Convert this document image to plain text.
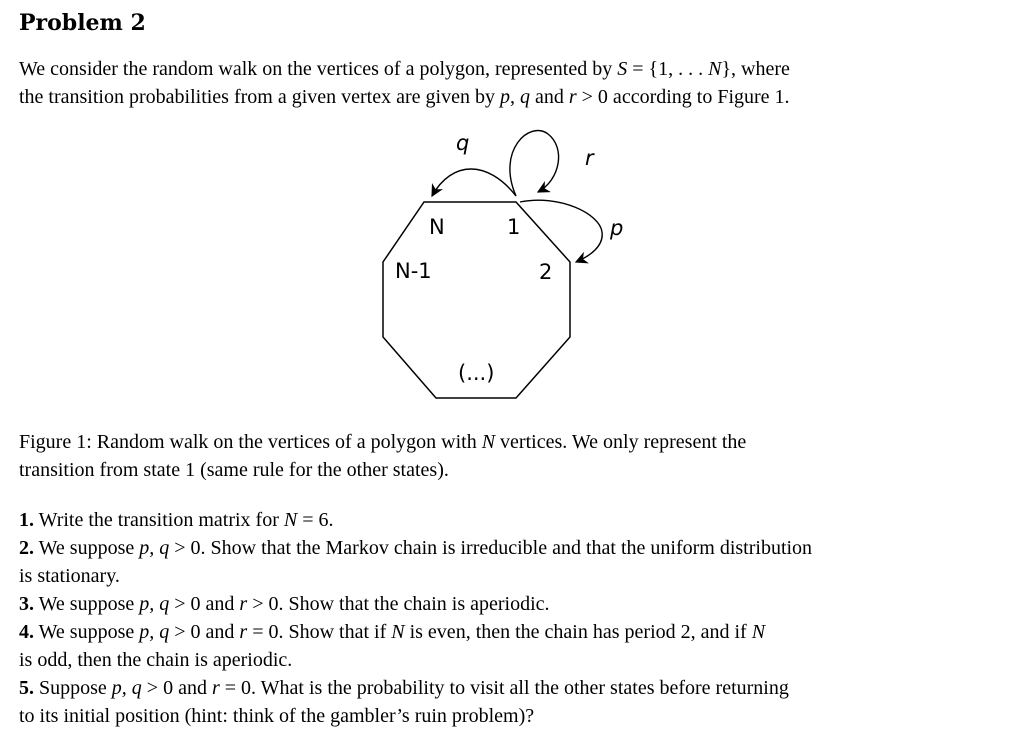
Problem 2
We consider the random walk on the vertices of a polygon, represented by S = {1, . . . N}, where
the transition probabilities from a given vertex are given by p, q and r > 0 according to Figure 1.
q
r
p
N	1
N-1	2
(...)
Figure 1: Random walk on the vertices of a polygon with N vertices. We only represent the
transition from state 1 (same rule for the other states).
1. Write the transition matrix for N = 6.
2. We suppose p, q > 0. Show that the Markov chain is irreducible and that the uniform distribution
is stationary.
3. We suppose p, q > 0 and r > 0. Show that the chain is aperiodic.
4. We suppose p, q > 0 and r = 0. Show that if N is even, then the chain has period 2, and if N
is odd, then the chain is aperiodic.
5. Suppose p, q > 0 and r = 0. What is the probability to visit all the other states before returning
to its initial position (hint: think of the gambler’s ruin problem)?
